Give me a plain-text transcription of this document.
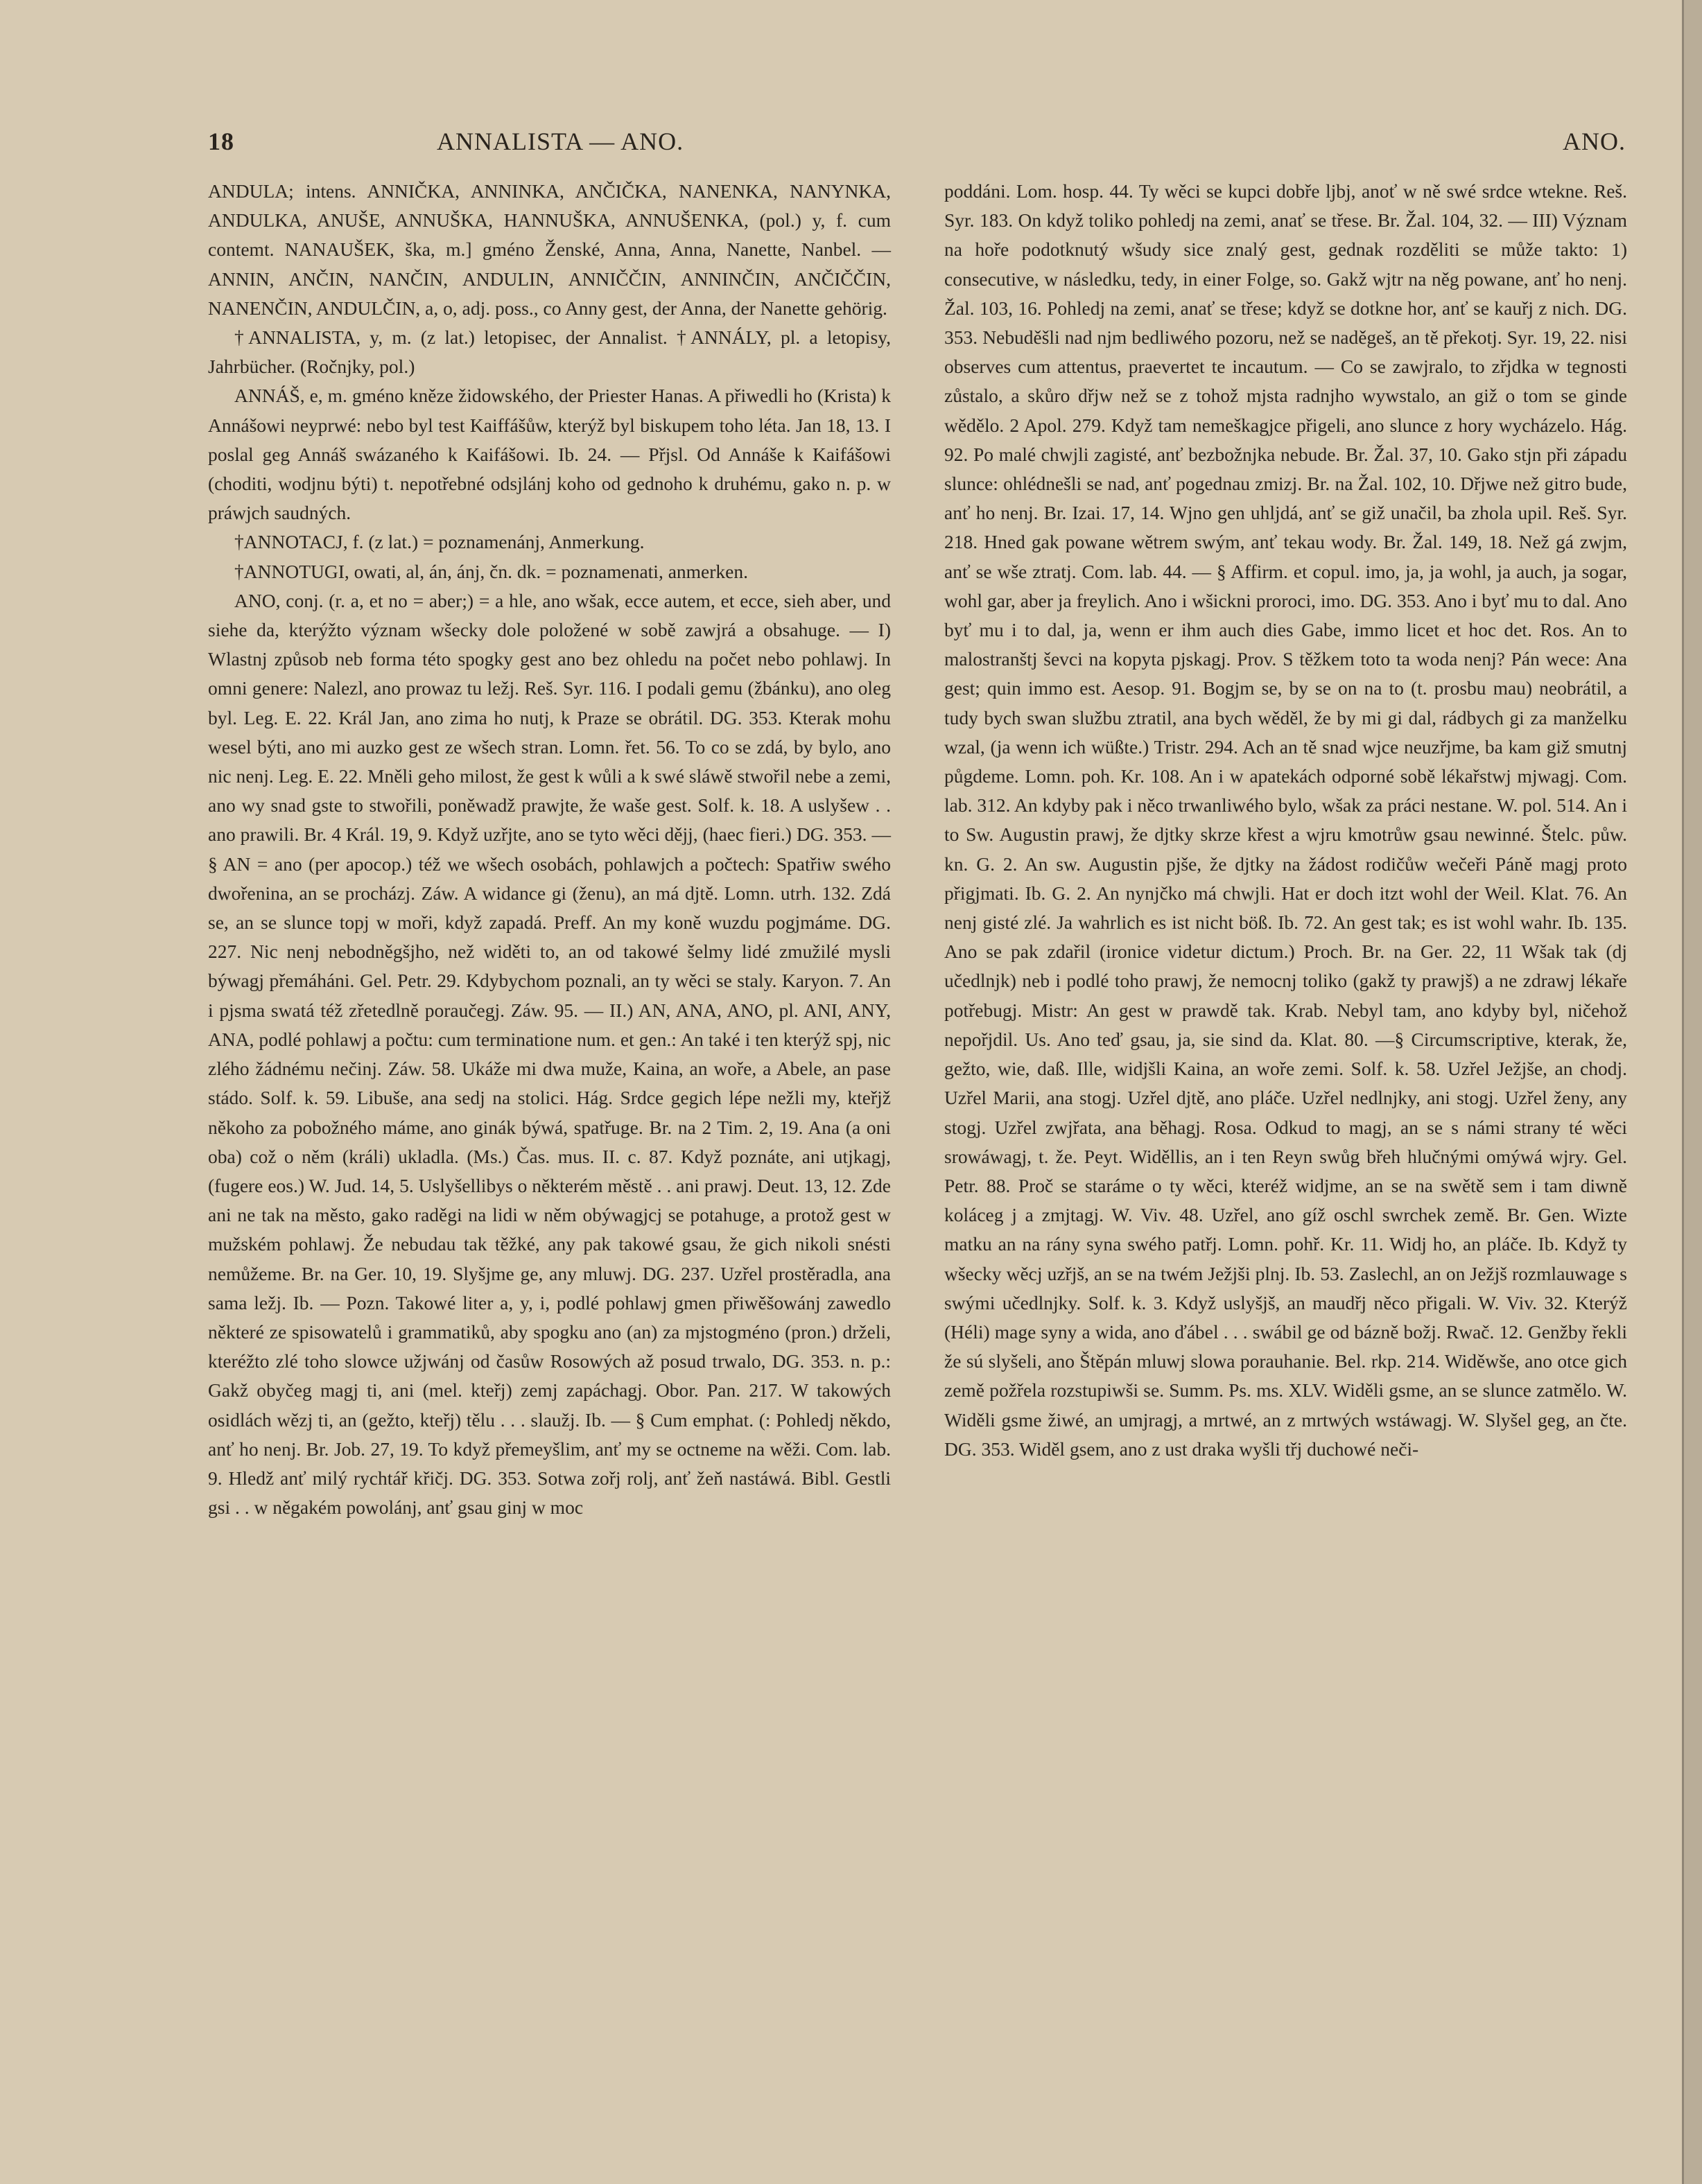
18	ANNALISTA — ANO.	ANO.

ANDULA; intens. ANNIČKA, ANNINKA, ANČIČKA, NANENKA, NANYNKA, ANDULKA, ANUŠE, ANNUŠKA, HANNUŠKA, ANNUŠENKA, (pol.) y, f. cum contemt. NANAUŠEK, ška, m.] gméno Ženské, Anna, Anna, Nanette, Nanbel. — ANNIN, ANČIN, NANČIN, ANDULIN, ANNIČČIN, ANNINČIN, ANČIČČIN, NANENČIN, ANDULČIN, a, o, adj. poss., co Anny gest, der Anna, der Nanette gehörig.

†ANNALISTA, y, m. (z lat.) letopisec, der Annalist. †ANNÁLY, pl. a letopisy, Jahrbücher. (Ročnjky, pol.)

ANNÁŠ, e, m. gméno kněze židowského, der Priester Hanas. A přiwedli ho (Krista) k Annášowi neyprwé: nebo byl test Kaiffášůw, kterýž byl biskupem toho léta. Jan 18, 13. I poslal geg Annáš swázaného k Kaifášowi. Ib. 24. — Přjsl. Od Annáše k Kaifášowi (choditi, wodjnu býti) t. nepotřebné odsjlánj koho od gednoho k druhému, gako n. p. w práwjch saudných.

†ANNOTACJ, f. (z lat.) = poznamenánj, Anmerkung.

†ANNOTUGI, owati, al, án, ánj, čn. dk. = poznamenati, anmerken.

ANO, conj. (r. a, et no = aber;) = a hle, ano wšak, ecce autem, et ecce, sieh aber, und siehe da, kterýžto význam wšecky dole položené w sobě zawjrá a obsahuge. — I) Wlastnj způsob neb forma této spogky gest ano bez ohledu na počet nebo pohlawj. In omni genere: Nalezl, ano prowaz tu ležj. Reš. Syr. 116. I podali gemu (žbánku), ano oleg byl. Leg. E. 22. Král Jan, ano zima ho nutj, k Praze se obrátil. DG. 353. Kterak mohu wesel býti, ano mi auzko gest ze wšech stran. Lomn. řet. 56. To co se zdá, by bylo, ano nic nenj. Leg. E. 22. Mněli geho milost, že gest k wůli a k swé sláwě stwořil nebe a zemi, ano wy snad gste to stwořili, poněwadž prawjte, že waše gest. Solf. k. 18. A uslyšew . . ano prawili. Br. 4 Král. 19, 9. Když uzřjte, ano se tyto wěci dějj, (haec fieri.) DG. 353. — § AN = ano (per apocop.) též we wšech osobách, pohlawjch a počtech: Spatřiw swého dwořenina, an se procházj. Záw. A widance gi (ženu), an má djtě. Lomn. utrh. 132. Zdá se, an se slunce topj w moři, když zapadá. Preff. An my koně wuzdu pogjmáme. DG. 227. Nic nenj nebodněgšjho, než widěti to, an od takowé šelmy lidé zmužilé mysli býwagj přemáháni. Gel. Petr. 29. Kdybychom poznali, an ty wěci se staly. Karyon. 7. An i pjsma swatá též zřetedlně poraučegj. Záw. 95. — II.) AN, ANA, ANO, pl. ANI, ANY, ANA, podlé pohlawj a počtu: cum terminatione num. et gen.: An také i ten kterýž spj, nic zlého žádnému nečinj. Záw. 58. Ukáže mi dwa muže, Kaina, an woře, a Abele, an pase stádo. Solf. k. 59. Libuše, ana sedj na stolici. Hág. Srdce gegich lépe nežli my, kteřjž někoho za pobožného máme, ano ginák býwá, spatřuge. Br. na 2 Tim. 2, 19. Ana (a oni oba) což o něm (králi) ukladla. (Ms.) Čas. mus. II. c. 87. Když poznáte, ani utjkagj, (fugere eos.) W. Jud. 14, 5. Uslyšellibys o některém městě . . ani prawj. Deut. 13, 12. Zde ani ne tak na město, gako raděgi na lidi w něm obýwagjcj se potahuge, a protož gest w mužském pohlawj. Že nebudau tak těžké, any pak takowé gsau, že gich nikoli snésti nemůžeme. Br. na Ger. 10, 19. Slyšjme ge, any mluwj. DG. 237. Uzřel prostěradla, ana sama ležj. Ib. — Pozn. Takowé liter a, y, i, podlé pohlawj gmen přiwěšowánj zawedlo některé ze spisowatelů i grammatiků, aby spogku ano (an) za mjstogméno (pron.) drželi, kteréžto zlé toho slowce užjwánj od časůw Rosowých až posud trwalo, DG. 353. n. p.: Gakž obyčeg magj ti, ani (mel. kteřj) zemj zapáchagj. Obor. Pan. 217. W takowých osidlách wězj ti, an (gežto, kteřj) tělu . . . slaužj. Ib. — § Cum emphat. (: Pohledj někdo, anť ho nenj. Br. Job. 27, 19. To když přemeyšlim, anť my se octneme na wěži. Com. lab. 9. Hledž anť milý rychtář křičj. DG. 353. Sotwa zořj rolj, anť žeň nastáwá. Bibl. Gestli gsi . . w něgakém powolánj, anť gsau ginj w moc

poddáni. Lom. hosp. 44. Ty wěci se kupci dobře ljbj, anoť w ně swé srdce wtekne. Reš. Syr. 183. On když toliko pohledj na zemi, anať se třese. Br. Žal. 104, 32. — III) Význam na hoře podotknutý wšudy sice znalý gest, gednak rozděliti se může takto: 1) consecutive, w následku, tedy, in einer Folge, so. Gakž wjtr na něg powane, anť ho nenj. Žal. 103, 16. Pohledj na zemi, anať se třese; když se dotkne hor, anť se kauřj z nich. DG. 353. Nebuděšli nad njm bedliwého pozoru, než se naděgeš, an tě překotj. Syr. 19, 22. nisi observes cum attentus, praevertet te incautum. — Co se zawjralo, to zřjdka w tegnosti zůstalo, a skůro dřjw než se z tohož mjsta radnjho wywstalo, an giž o tom se ginde wědělo. 2 Apol. 279. Když tam nemeškagjce přigeli, ano slunce z hory wycházelo. Hág. 92. Po malé chwjli zagisté, anť bezbožnjka nebude. Br. Žal. 37, 10. Gako stjn při západu slunce: ohlédnešli se nad, anť pogednau zmizj. Br. na Žal. 102, 10. Dřjwe než gitro bude, anť ho nenj. Br. Izai. 17, 14. Wjno gen uhljdá, anť se giž unačil, ba zhola upil. Reš. Syr. 218. Hned gak powane wětrem swým, anť tekau wody. Br. Žal. 149, 18. Než gá zwjm, anť se wše ztratj. Com. lab. 44. — § Affirm. et copul. imo, ja, ja wohl, ja auch, ja sogar, wohl gar, aber ja freylich. Ano i wšickni proroci, imo. DG. 353. Ano i byť mu to dal. Ano byť mu i to dal, ja, wenn er ihm auch dies Gabe, immo licet et hoc det. Ros. An to malostranštj ševci na kopyta pjskagj. Prov. S těžkem toto ta woda nenj? Pán wece: Ana gest; quin immo est. Aesop. 91. Bogjm se, by se on na to (t. prosbu mau) neobrátil, a tudy bych swan službu ztratil, ana bych wěděl, že by mi gi dal, rádbych gi za manželku wzal, (ja wenn ich wüßte.) Tristr. 294. Ach an tě snad wjce neuzřjme, ba kam giž smutnj půgdeme. Lomn. poh. Kr. 108. An i w apatekách odporné sobě lékařstwj mjwagj. Com. lab. 312. An kdyby pak i něco trwanliwého bylo, wšak za práci nestane. W. pol. 514. An i to Sw. Augustin prawj, že djtky skrze křest a wjru kmotrůw gsau newinné. Štelc. půw. kn. G. 2. An sw. Augustin pjše, že djtky na žádost rodičůw wečeři Páně magj proto přigjmati. Ib. G. 2. An nynjčko má chwjli. Hat er doch itzt wohl der Weil. Klat. 76. An nenj gisté zlé. Ja wahrlich es ist nicht böß. Ib. 72. An gest tak; es ist wohl wahr. Ib. 135. Ano se pak zdařil (ironice videtur dictum.) Proch. Br. na Ger. 22, 11 Wšak tak (dj učedlnjk) neb i podlé toho prawj, že nemocnj toliko (gakž ty prawjš) a ne zdrawj lékaře potřebugj. Mistr: An gest w prawdě tak. Krab. Nebyl tam, ano kdyby byl, ničehož nepořjdil. Us. Ano teď gsau, ja, sie sind da. Klat. 80. —§ Circumscriptive, kterak, že, gežto, wie, daß. Ille, widjšli Kaina, an woře zemi. Solf. k. 58. Uzřel Ježjše, an chodj. Uzřel Marii, ana stogj. Uzřel djtě, ano pláče. Uzřel nedlnjky, ani stogj. Uzřel ženy, any stogj. Uzřel zwjřata, ana běhagj. Rosa. Odkud to magj, an se s námi strany té wěci srowáwagj, t. že. Peyt. Widěllis, an i ten Reyn swůg břeh hlučnými omýwá wjry. Gel. Petr. 88. Proč se staráme o ty wěci, kteréž widjme, an se na swětě sem i tam diwně koláceg j a zmjtagj. W. Viv. 48. Uzřel, ano gíž oschl swrchek země. Br. Gen. Wizte matku an na rány syna swého patřj. Lomn. pohř. Kr. 11. Widj ho, an pláče. Ib. Když ty wšecky wěcj uzřjš, an se na twém Ježjši plnj. Ib. 53. Zaslechl, an on Ježjš rozmlauwage s swými učedlnjky. Solf. k. 3. Když uslyšjš, an maudřj něco přigali. W. Viv. 32. Kterýž (Héli) mage syny a wida, ano ďábel . . . swábil ge od bázně božj. Rwač. 12. Genžby řekli že sú slyšeli, ano Štěpán mluwj slowa porauhanie. Bel. rkp. 214. Widěwše, ano otce gich země požřela rozstupiwši se. Summ. Ps. ms. XLV. Widěli gsme, an se slunce zatmělo. W. Widěli gsme žiwé, an umjragj, a mrtwé, an z mrtwých wstáwagj. W. Slyšel geg, an čte. DG. 353. Widěl gsem, ano z ust draka wyšli třj duchowé neči-
